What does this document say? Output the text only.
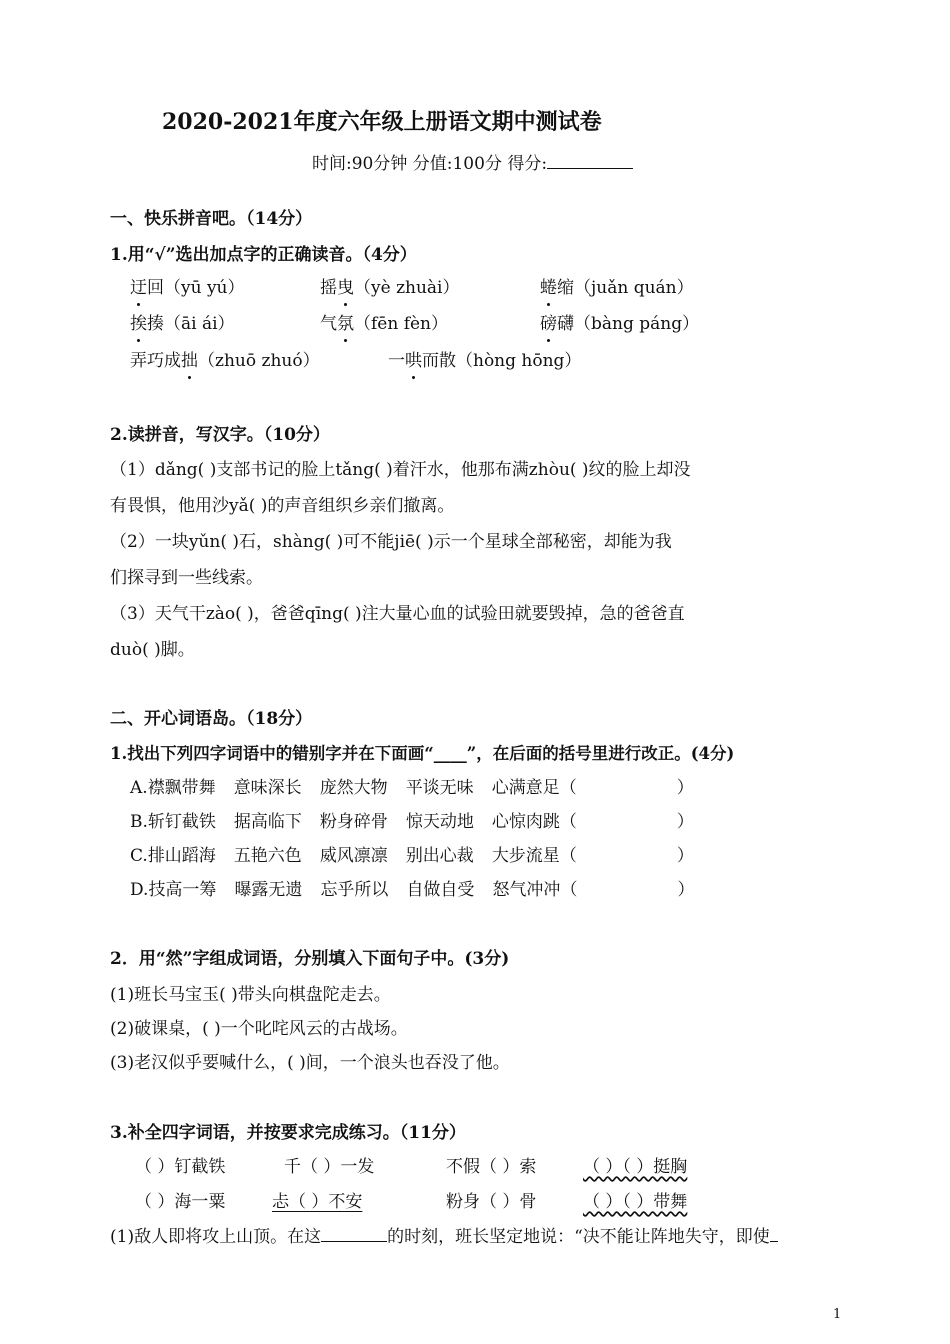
2020-2021年度六年级上册语文期中测试卷
时间:90分钟 分值:100分 得分:
一、快乐拼音吧。（14分）
1.用“√”选出加点字的正确读音。（4分）
迂回（yū yú）	摇曳（yè zhuài）	蜷缩（juǎn quán）
挨揍（āi ái）	气氛（fēn fèn）	磅礴（bàng páng）
弄巧成拙（zhuō zhuó）	一哄而散（hòng hōng）
2.读拼音，写汉字。（10分）
（1）dǎng( )支部书记的脸上tǎng( )着汗水，他那布满zhòu( )纹的脸上却没
有畏惧，他用沙yǎ( )的声音组织乡亲们撤离。
（2）一块yǔn( )石，shàng( )可不能jiē( )示一个星球全部秘密，却能为我
们探寻到一些线索。
（3）天气干zào( )，爸爸qīng( )注大量心血的试验田就要毁掉，急的爸爸直
duò( )脚。
二、开心词语岛。（18分）
1.找出下列四字词语中的错别字并在下面画“____”，在后面的括号里进行改正。(4分)
A.襟飘带舞 意味深长 庞然大物 平谈无味 心满意足（	）
B.斩钉截铁 据高临下 粉身碎骨 惊天动地 心惊肉跳（	）
C.排山蹈海 五艳六色 威风凛凛 别出心裁 大步流星（	）
D.技高一筹 曝露无遗 忘乎所以 自做自受 怒气冲冲（	）
2．用“然”字组成词语，分别填入下面句子中。(3分)
(1)班长马宝玉( )带头向棋盘陀走去。
(2)破课桌，( )一个叱咤风云的古战场。
(3)老汉似乎要喊什么，( )间，一个浪头也吞没了他。
3.补全四字词语，并按要求完成练习。（11分）
（ ）钉截铁	千（ ）一发	不假（ ）索	（ ）（ ）挺胸
（ ）海一粟	忐（ ）不安	粉身（ ）骨	（ ）（ ）带舞
(1)敌人即将攻上山顶。在这	的时刻，班长坚定地说：“决不能让阵地失守，即使
1
